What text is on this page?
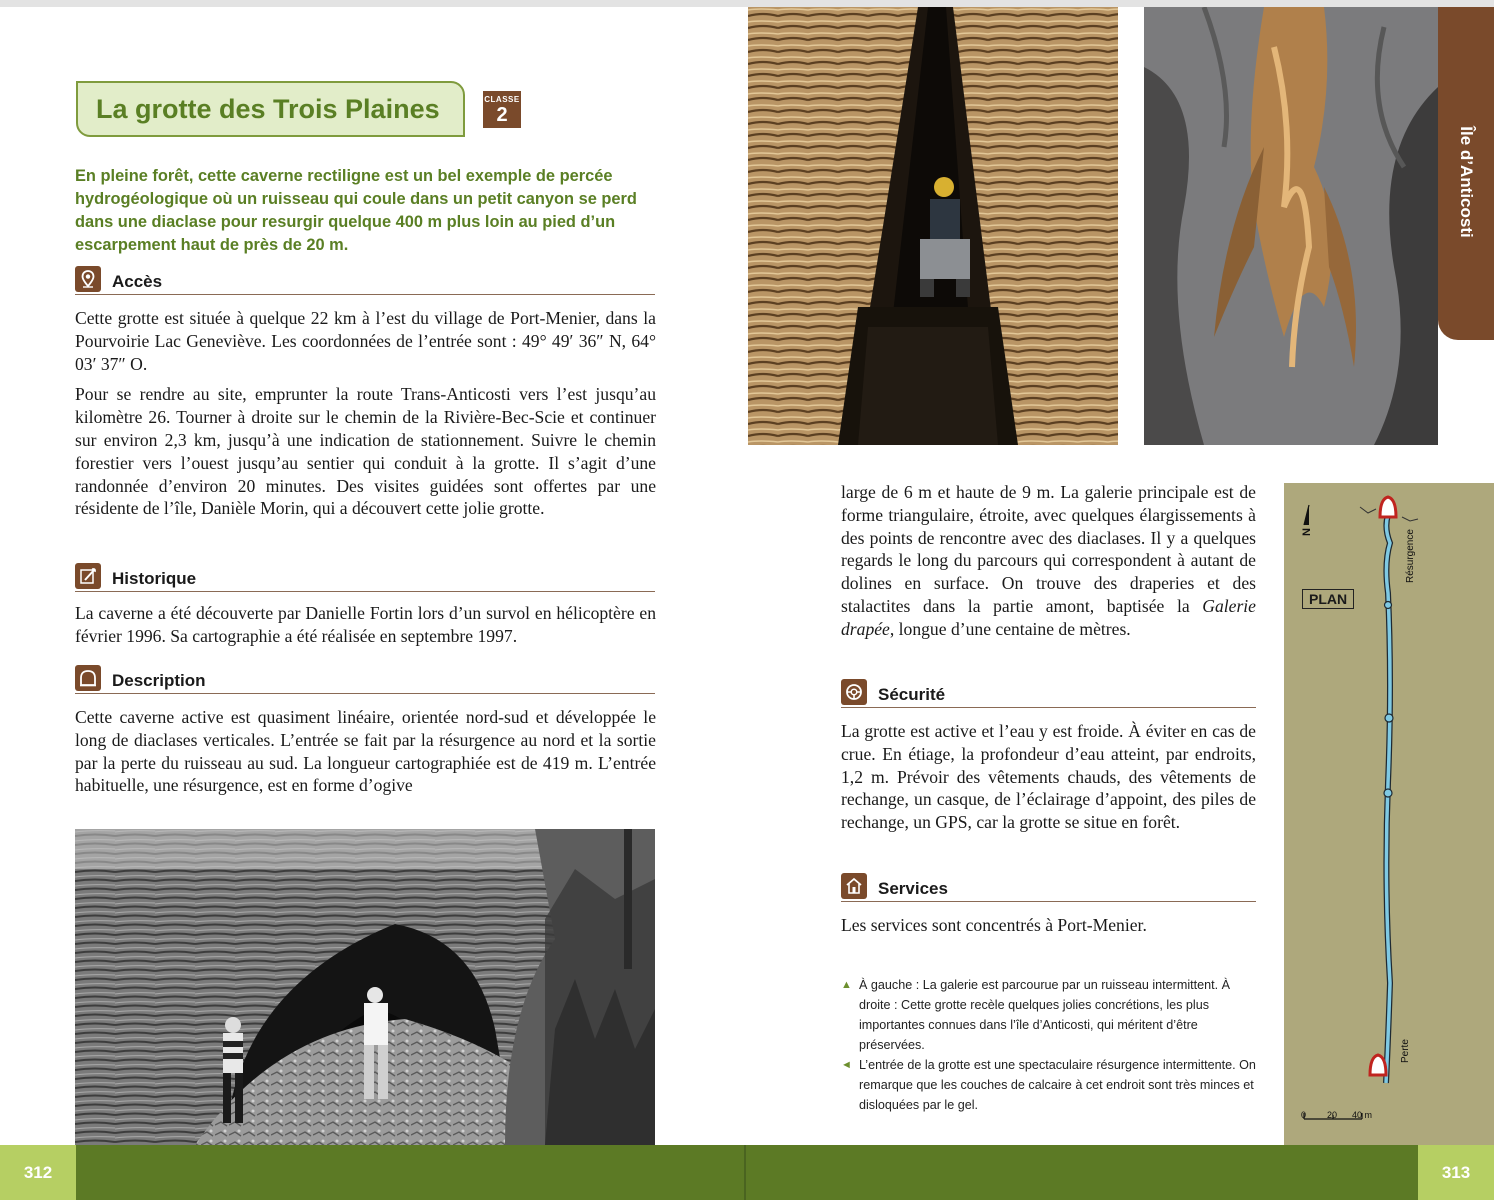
La grotte des Trois Plaines	CLASSE
2
En pleine forêt, cette caverne rectiligne est un bel exemple de percée hydrogéologique où un ruisseau qui coule dans un petit canyon se perd dans une diaclase pour resurgir quelque 400 m plus loin au pied d’un escarpement haut de près de 20 m.
Accès

Cette grotte est située à quelque 22 km à l’est du village de Port-Menier, dans la Pourvoirie Lac Geneviève. Les coordonnées de l’entrée sont : 49° 49′ 36″ N, 64° 03′ 37″ O.

Pour se rendre au site, emprunter la route Trans-Anticosti vers l’est jusqu’au kilomètre 26. Tourner à droite sur le chemin de la Rivière-Bec-Scie et continuer sur environ 2,3 km, jusqu’à une indication de stationnement. Suivre le chemin forestier vers l’ouest jusqu’au sentier qui conduit à la grotte. Il s’agit d’une randonnée d’environ 20 minutes. Des visites guidées sont offertes par une résidente de l’île, Danièle Morin, qui a découvert cette jolie grotte.

Historique

La caverne a été découverte par Danielle Fortin lors d’un survol en hélicoptère en février 1996. Sa cartographie a été réalisée en septembre 1997.

Description

Cette caverne active est quasiment linéaire, orientée nord-sud et développée le long de diaclases verticales. L’entrée se fait par la résurgence au nord et la sortie par la perte du ruisseau au sud. La longueur cartographiée est de 419 m. L’entrée habituelle, une résurgence, est en forme d’ogive

Île d’Anticosti

large de 6 m et haute de 9 m. La galerie principale est de forme triangulaire, étroite, avec quelques élargissements à des points de rencontre avec des diaclases. Il y a quelques regards le long du parcours qui correspondent à autant de dolines en surface. On trouve des draperies et des stalactites dans la partie amont, baptisée la Galerie drapée, longue d’une centaine de mètres.

Sécurité

La grotte est active et l’eau y est froide. À éviter en cas de crue. En étiage, la profondeur d’eau atteint, par endroits, 1,2 m. Prévoir des vêtements chauds, des vêtements de rechange, un casque, de l’éclairage d’appoint, des piles de rechange, un GPS, car la grotte se situe en forêt.

Services

Les services sont concentrés à Port-Menier.

N	Résurgence
Perte
0 20 40 m
PLAN
▲ À gauche : La galerie est parcourue par un ruisseau intermittent. À droite : Cette grotte recèle quelques jolies concrétions, les plus importantes connues dans l’île d’Anticosti, qui méritent d’être préservées.
◄ L’entrée de la grotte est une spectaculaire résurgence intermittente. On remarque que les couches de calcaire à cet endroit sont très minces et disloquées par le gel.
312	313
